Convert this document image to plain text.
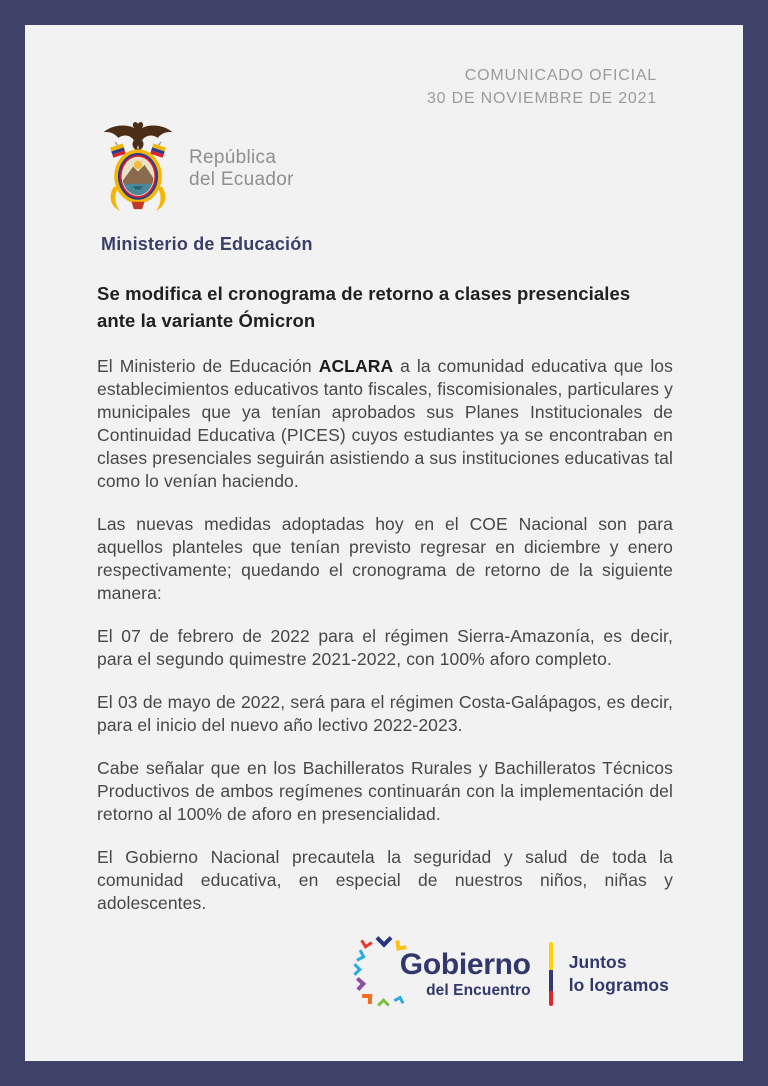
COMUNICADO OFICIAL
30 DE NOVIEMBRE DE 2021
República
del Ecuador
Ministerio de Educación
Se modifica el cronograma de retorno a clases presenciales ante la variante Ómicron

El Ministerio de Educación ACLARA a la comunidad educativa que los establecimientos educativos tanto fiscales, fiscomisionales, particulares y municipales que ya tenían aprobados sus Planes Institucionales de Continuidad Educativa (PICES) cuyos estudiantes ya se encontraban en clases presenciales seguirán asistiendo a sus instituciones educativas tal como lo venían haciendo.

Las nuevas medidas adoptadas hoy en el COE Nacional son para aquellos planteles que tenían previsto regresar en diciembre y enero respectivamente; quedando el cronograma de retorno de la siguiente manera:

El 07 de febrero de 2022 para el régimen Sierra-Amazonía, es decir, para el segundo quimestre 2021-2022, con 100% aforo completo.

El 03 de mayo de 2022, será para el régimen Costa-Galápagos, es decir, para el inicio del nuevo año lectivo 2022-2023.

Cabe señalar que en los Bachilleratos Rurales y Bachilleratos Técnicos Productivos de ambos regímenes continuarán con la implementación del retorno al 100% de aforo en presencialidad.

El Gobierno Nacional precautela la seguridad y salud de toda la comunidad educativa, en especial de nuestros niños, niñas y adolescentes.

Gobierno
del Encuentro
Juntos
lo logramos
